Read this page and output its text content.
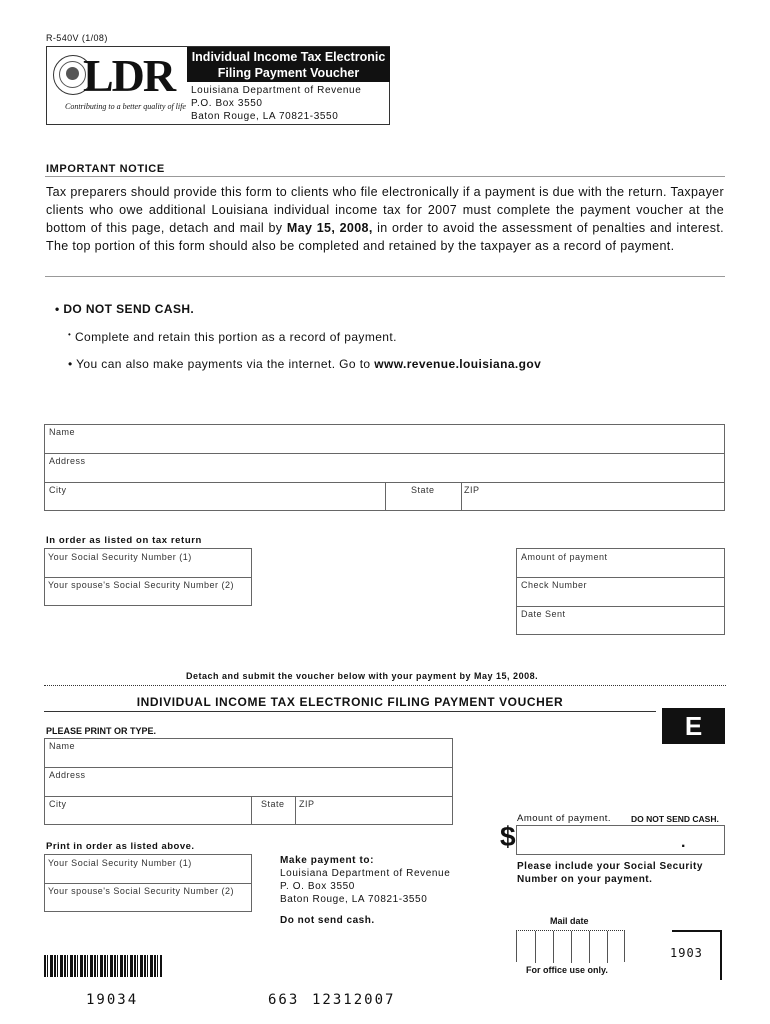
R-540V (1/08)
LDR
Contributing to a better quality of life
Individual Income Tax Electronic
Filing Payment Voucher
Louisiana Department of Revenue
P.O. Box 3550
Baton Rouge, LA 70821-3550
IMPORTANT NOTICE

Tax preparers should provide this form to clients who file electronically if a payment is due with the return. Taxpayer clients who owe additional Louisiana individual income tax for 2007 must complete the payment voucher at the bottom of this page, detach and mail by May 15, 2008, in order to avoid the assessment of penalties and interest. The top portion of this form should also be completed and retained by the taxpayer as a record of payment.

• DO NOT SEND CASH.
• Complete and retain this portion as a record of payment.
• You can also make payments via the internet. Go to www.revenue.louisiana.gov
Name
Address
City	State	ZIP
In order as listed on tax return
Your Social Security Number (1)
Your spouse's Social Security Number (2)
Amount of payment
Check Number
Date Sent
Detach and submit the voucher below with your payment by May 15, 2008.
INDIVIDUAL INCOME TAX ELECTRONIC FILING PAYMENT VOUCHER
E
PLEASE PRINT OR TYPE.
Name
Address
City	State ZIP
Amount of payment. DO NOT SEND CASH.
$	.
Print in order as listed above.
Your Social Security Number (1)
Your spouse's Social Security Number (2)
Make payment to:
Louisiana Department of Revenue
P. O. Box 3550
Baton Rouge, LA 70821-3550
Do not send cash.
Please include your Social Security
Number on your payment.
Mail date
For office use only.
1903
19034	663 12312007
